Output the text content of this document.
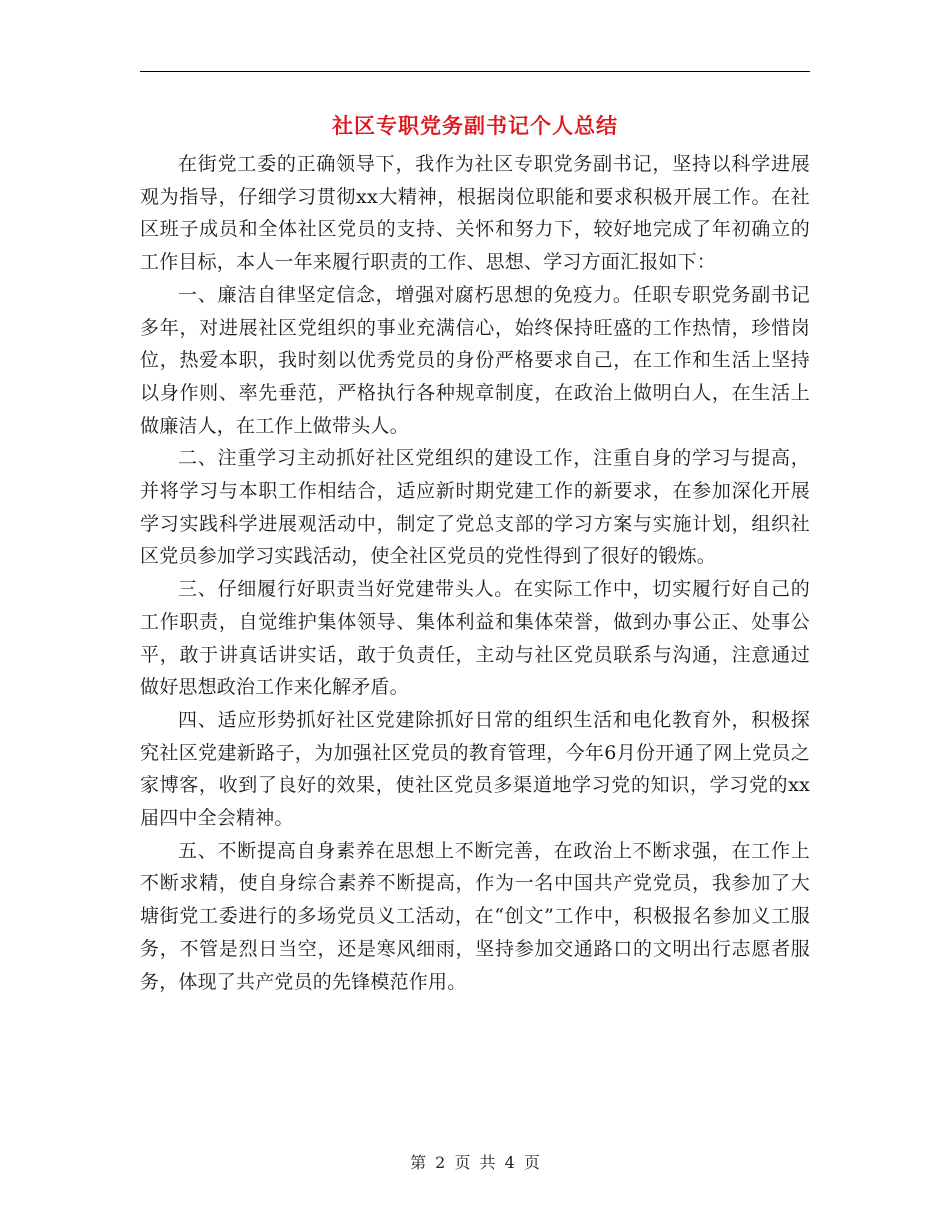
社区专职党务副书记个人总结

在街党工委的正确领导下，我作为社区专职党务副书记，坚持以科学进展观为指导，仔细学习贯彻xx大精神，根据岗位职能和要求积极开展工作。在社区班子成员和全体社区党员的支持、关怀和努力下，较好地完成了年初确立的工作目标，本人一年来履行职责的工作、思想、学习方面汇报如下：

一、廉洁自律坚定信念，增强对腐朽思想的免疫力。任职专职党务副书记多年，对进展社区党组织的事业充满信心，始终保持旺盛的工作热情，珍惜岗位，热爱本职，我时刻以优秀党员的身份严格要求自己，在工作和生活上坚持以身作则、率先垂范，严格执行各种规章制度，在政治上做明白人，在生活上做廉洁人，在工作上做带头人。

二、注重学习主动抓好社区党组织的建设工作，注重自身的学习与提高，并将学习与本职工作相结合，适应新时期党建工作的新要求，在参加深化开展学习实践科学进展观活动中，制定了党总支部的学习方案与实施计划，组织社区党员参加学习实践活动，使全社区党员的党性得到了很好的锻炼。

三、仔细履行好职责当好党建带头人。在实际工作中，切实履行好自己的工作职责，自觉维护集体领导、集体利益和集体荣誉，做到办事公正、处事公平，敢于讲真话讲实话，敢于负责任，主动与社区党员联系与沟通，注意通过做好思想政治工作来化解矛盾。

四、适应形势抓好社区党建除抓好日常的组织生活和电化教育外，积极探究社区党建新路子，为加强社区党员的教育管理，今年6月份开通了网上党员之家博客，收到了良好的效果，使社区党员多渠道地学习党的知识，学习党的xx届四中全会精神。

五、不断提高自身素养在思想上不断完善，在政治上不断求强，在工作上不断求精，使自身综合素养不断提高，作为一名中国共产党党员，我参加了大塘街党工委进行的多场党员义工活动，在“创文”工作中，积极报名参加义工服务，不管是烈日当空，还是寒风细雨，坚持参加交通路口的文明出行志愿者服务，体现了共产党员的先锋模范作用。

第 2 页 共 4 页
